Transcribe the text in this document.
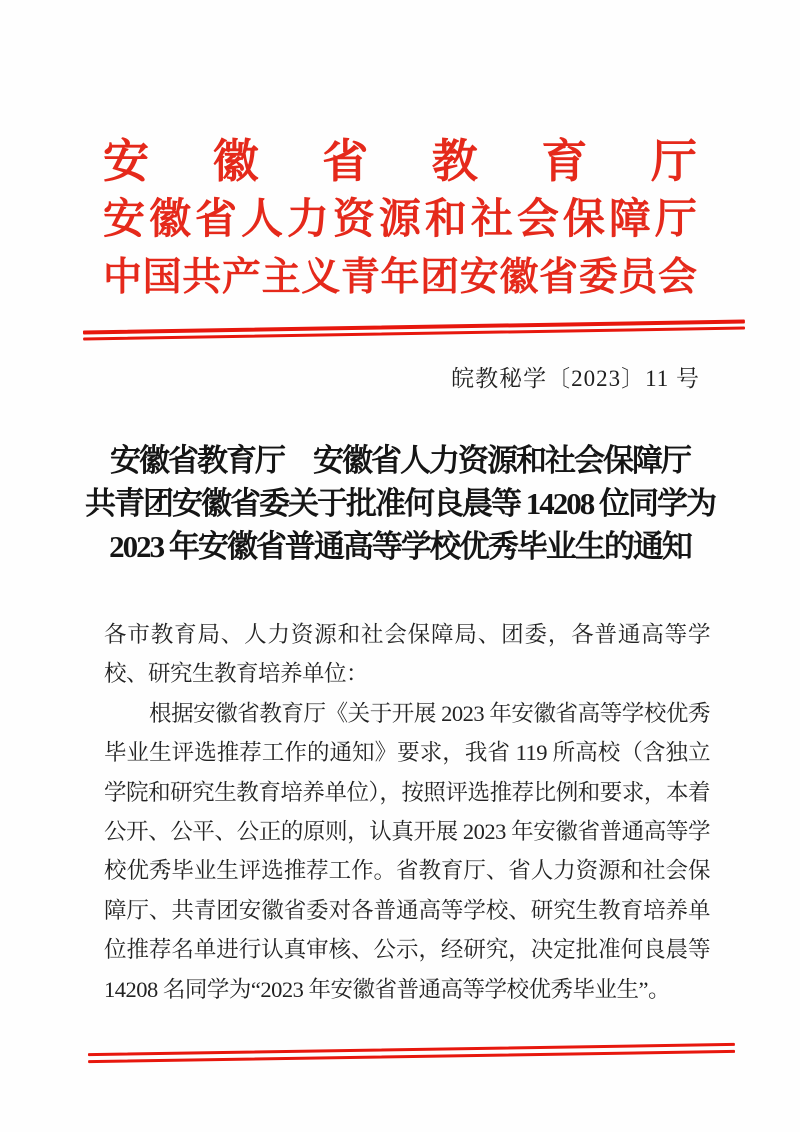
安 徽 省 教 育 厅
安 徽 省 人 力 资 源 和 社 会 保 障 厅
中 国 共 产 主 义 青 年 团 安 徽 省 委 员 会
皖教秘学〔2023〕11 号
安徽省教育厅　安徽省人力资源和社会保障厅
共青团安徽省委关于批准何良晨等 14208 位同学为
2023 年安徽省普通高等学校优秀毕业生的通知

各市教育局、人力资源和社会保障局、团委，各普通高等学校、研究生教育培养单位：

根据安徽省教育厅《关于开展 2023 年安徽省高等学校优秀毕业生评选推荐工作的通知》要求，我省 119 所高校（含独立学院和研究生教育培养单位），按照评选推荐比例和要求，本着公开、公平、公正的原则，认真开展 2023 年安徽省普通高等学校优秀毕业生评选推荐工作。省教育厅、省人力资源和社会保障厅、共青团安徽省委对各普通高等学校、研究生教育培养单位推荐名单进行认真审核、公示，经研究，决定批准何良晨等 14208 名同学为“2023 年安徽省普通高等学校优秀毕业生”。
